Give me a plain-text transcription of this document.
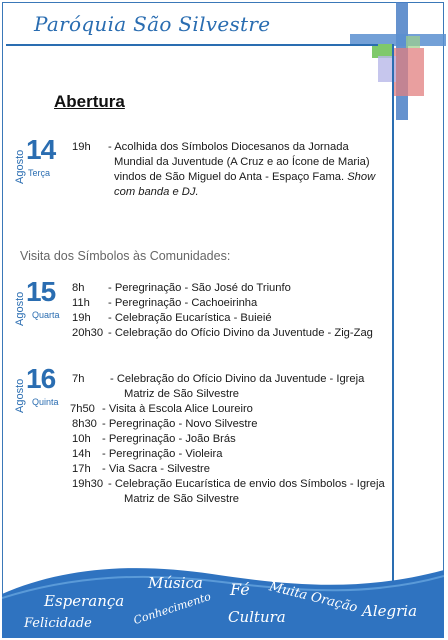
Paróquia São Silvestre
Abertura
Agosto
14
Terça
19h - Acolhida dos Símbolos Diocesanos da Jornada
Mundial da Juventude (A Cruz e ao Ícone de Maria)
vindos de São Miguel do Anta - Espaço Fama. Show
com banda e DJ.
Visita dos Símbolos às Comunidades:
Agosto
15
Quarta
8h - Peregrinação - São José do Triunfo
11h - Peregrinação - Cachoeirinha
19h - Celebração Eucarística - Buieié
20h30 - Celebração do Ofício Divino da Juventude - Zig-Zag
Agosto
16
Quinta
7h - Celebração do Ofício Divino da Juventude - Igreja
Matriz de São Silvestre
7h50 - Visita à Escola Alice Loureiro
8h30 - Peregrinação - Novo Silvestre
10h - Peregrinação - João Brás
14h - Peregrinação - Violeira
17h - Via Sacra - Silvestre
19h30 - Celebração Eucarística de envio dos Símbolos - Igreja
Matriz de São Silvestre
Música Fé
e é claro
Muita Oração
Esperança Conhecimento Cultura	Alegria
Felicidade
